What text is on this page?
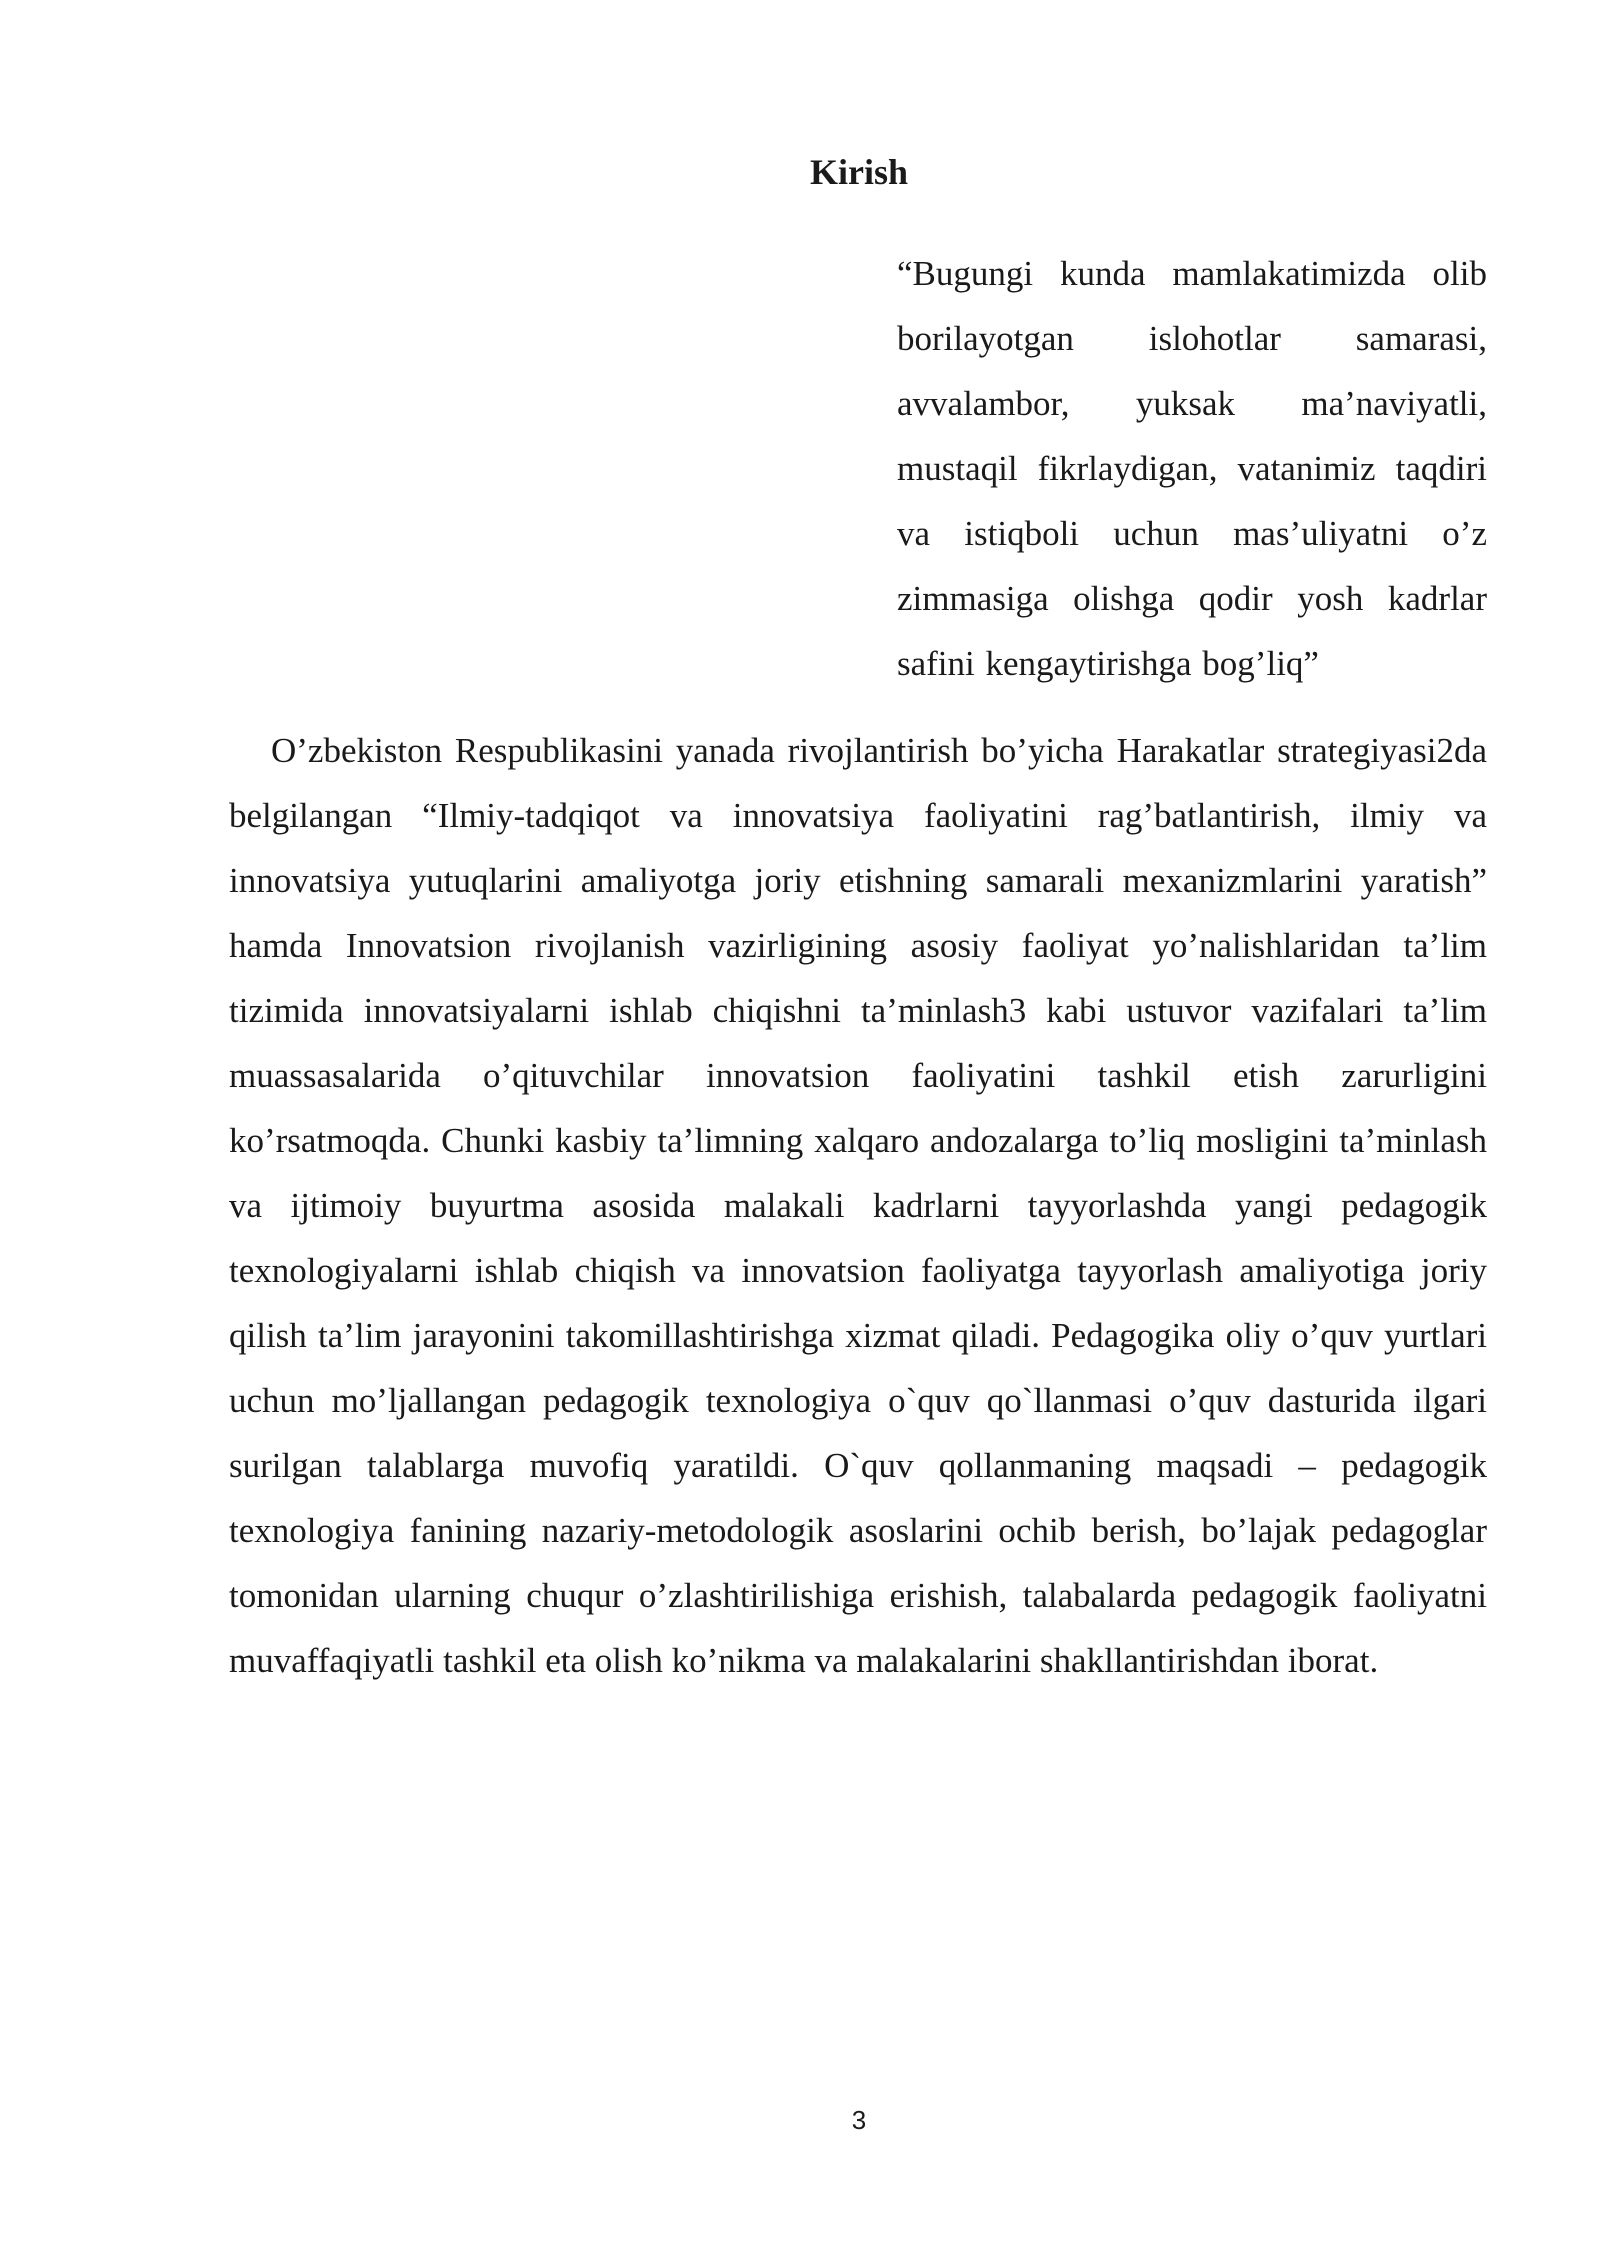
Kirish
“Bugungi kunda mamlakatimizda olib borilayotgan islohotlar samarasi, avvalambor, yuksak ma’naviyatli, mustaqil fikrlaydigan, vatanimiz taqdiri va istiqboli uchun mas’uliyatni o’z zimmasiga olishga qodir yosh kadrlar safini kengaytirishga bog’liq”

O’zbekiston Respublikasini yanada rivojlantirish bo’yicha Harakatlar strategiyasi2da belgilangan “Ilmiy-tadqiqot va innovatsiya faoliyatini rag’batlantirish, ilmiy va innovatsiya yutuqlarini amaliyotga joriy etishning samarali mexanizmlarini yaratish” hamda Innovatsion rivojlanish vazirligining asosiy faoliyat yo’nalishlaridan ta’lim tizimida innovatsiyalarni ishlab chiqishni ta’minlash3 kabi ustuvor vazifalari ta’lim muassasalarida o’qituvchilar innovatsion faoliyatini tashkil etish zarurligini ko’rsatmoqda. Chunki kasbiy ta’limning xalqaro andozalarga to’liq mosligini ta’minlash va ijtimoiy buyurtma asosida malakali kadrlarni tayyorlashda yangi pedagogik texnologiyalarni ishlab chiqish va innovatsion faoliyatga tayyorlash amaliyotiga joriy qilish ta’lim jarayonini takomillashtirishga xizmat qiladi. Pedagogika oliy o’quv yurtlari uchun mo’ljallangan pedagogik texnologiya o`quv qo`llanmasi o’quv dasturida ilgari surilgan talablarga muvofiq yaratildi. O`quv qollanmaning maqsadi – pedagogik texnologiya fanining nazariy-metodologik asoslarini ochib berish, bo’lajak pedagoglar tomonidan ularning chuqur o’zlashtirilishiga erishish, talabalarda pedagogik faoliyatni muvaffaqiyatli tashkil eta olish ko’nikma va malakalarini shakllantirishdan iborat.

3
